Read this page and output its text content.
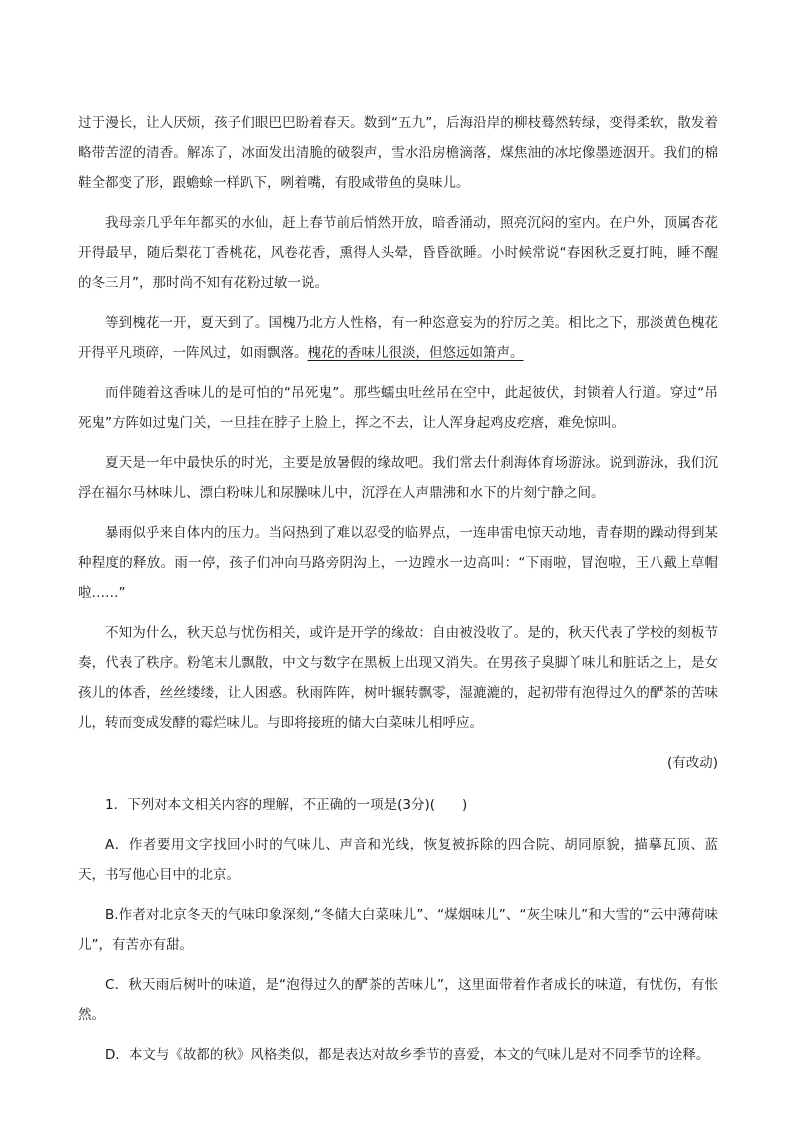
过于漫长，让人厌烦，孩子们眼巴巴盼着春天。数到“五九”，后海沿岸的柳枝蓦然转绿，变得柔软，散发着略带苦涩的清香。解冻了，冰面发出清脆的破裂声，雪水沿房檐滴落，煤焦油的冰坨像墨迹洇开。我们的棉鞋全都变了形，跟蟾蜍一样趴下，咧着嘴，有股咸带鱼的臭味儿。

我母亲几乎年年都买的水仙，赶上春节前后悄然开放，暗香涌动，照亮沉闷的室内。在户外，顶属杏花开得最早，随后梨花丁香桃花，风卷花香，熏得人头晕，昏昏欲睡。小时候常说“春困秋乏夏打盹，睡不醒的冬三月”，那时尚不知有花粉过敏一说。

等到槐花一开，夏天到了。国槐乃北方人性格，有一种恣意妄为的狞厉之美。相比之下，那淡黄色槐花开得平凡琐碎，一阵风过，如雨飘落。槐花的香味儿很淡，但悠远如箫声。

而伴随着这香味儿的是可怕的“吊死鬼”。那些蠕虫吐丝吊在空中，此起彼伏，封锁着人行道。穿过“吊死鬼”方阵如过鬼门关，一旦挂在脖子上脸上，挥之不去，让人浑身起鸡皮疙瘩，难免惊叫。

夏天是一年中最快乐的时光，主要是放暑假的缘故吧。我们常去什刹海体育场游泳。说到游泳，我们沉浮在福尔马林味儿、漂白粉味儿和尿臊味儿中，沉浮在人声鼎沸和水下的片刻宁静之间。

暴雨似乎来自体内的压力。当闷热到了难以忍受的临界点，一连串雷电惊天动地，青春期的躁动得到某种程度的释放。雨一停，孩子们冲向马路旁阴沟上，一边蹚水一边高叫：“下雨啦，冒泡啦，王八戴上草帽啦……”

不知为什么，秋天总与忧伤相关，或许是开学的缘故：自由被没收了。是的，秋天代表了学校的刻板节奏，代表了秩序。粉笔末儿飘散，中文与数字在黑板上出现又消失。在男孩子臭脚丫味儿和脏话之上，是女孩儿的体香，丝丝缕缕，让人困惑。秋雨阵阵，树叶辗转飘零，湿漉漉的，起初带有泡得过久的酽茶的苦味儿，转而变成发酵的霉烂味儿。与即将接班的储大白菜味儿相呼应。

(有改动)

1．下列对本文相关内容的理解，不正确的一项是(3分)(　　)

A．作者要用文字找回小时的气味儿、声音和光线，恢复被拆除的四合院、胡同原貌，描摹瓦顶、蓝天，书写他心目中的北京。

B.作者对北京冬天的气味印象深刻,“冬储大白菜味儿”、“煤烟味儿”、“灰尘味儿”和大雪的“云中薄荷味儿”，有苦亦有甜。

C．秋天雨后树叶的味道，是“泡得过久的酽茶的苦味儿”，这里面带着作者成长的味道，有忧伤，有怅然。

D．本文与《故都的秋》风格类似，都是表达对故乡季节的喜爱，本文的气味儿是对不同季节的诠释。
